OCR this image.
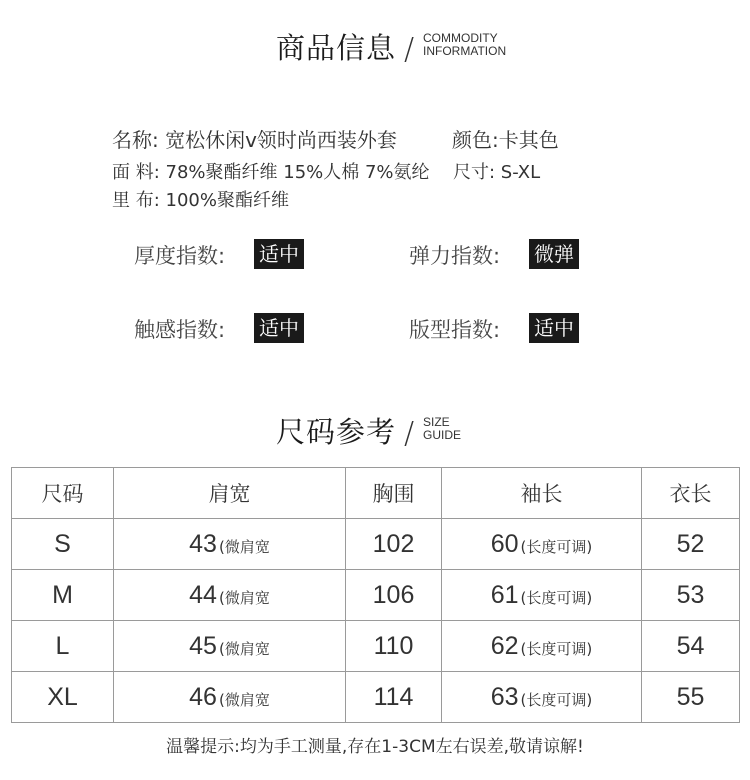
商品信息 / COMMODITY
INFORMATION
名称: 宽松休闲v领时尚西装外套	颜色:卡其色
面 料: 78%聚酯纤维 15%人棉 7%氨纶 尺寸: S-XL
里 布: 100%聚酯纤维
厚度指数: 适中	弹力指数: 微弹
触感指数: 适中	版型指数: 适中
尺码参考 / SIZE
GUIDE
尺码	肩宽	胸围	袖长	衣长
S	43 (微肩宽	102	60 (长度可调)	52
M	44 (微肩宽	106	61 (长度可调)	53
L	45 (微肩宽	110	62 (长度可调)	54
XL	46 (微肩宽	114	63 (长度可调)	55
温馨提示:均为手工测量,存在1-3CM左右误差,敬请谅解!
